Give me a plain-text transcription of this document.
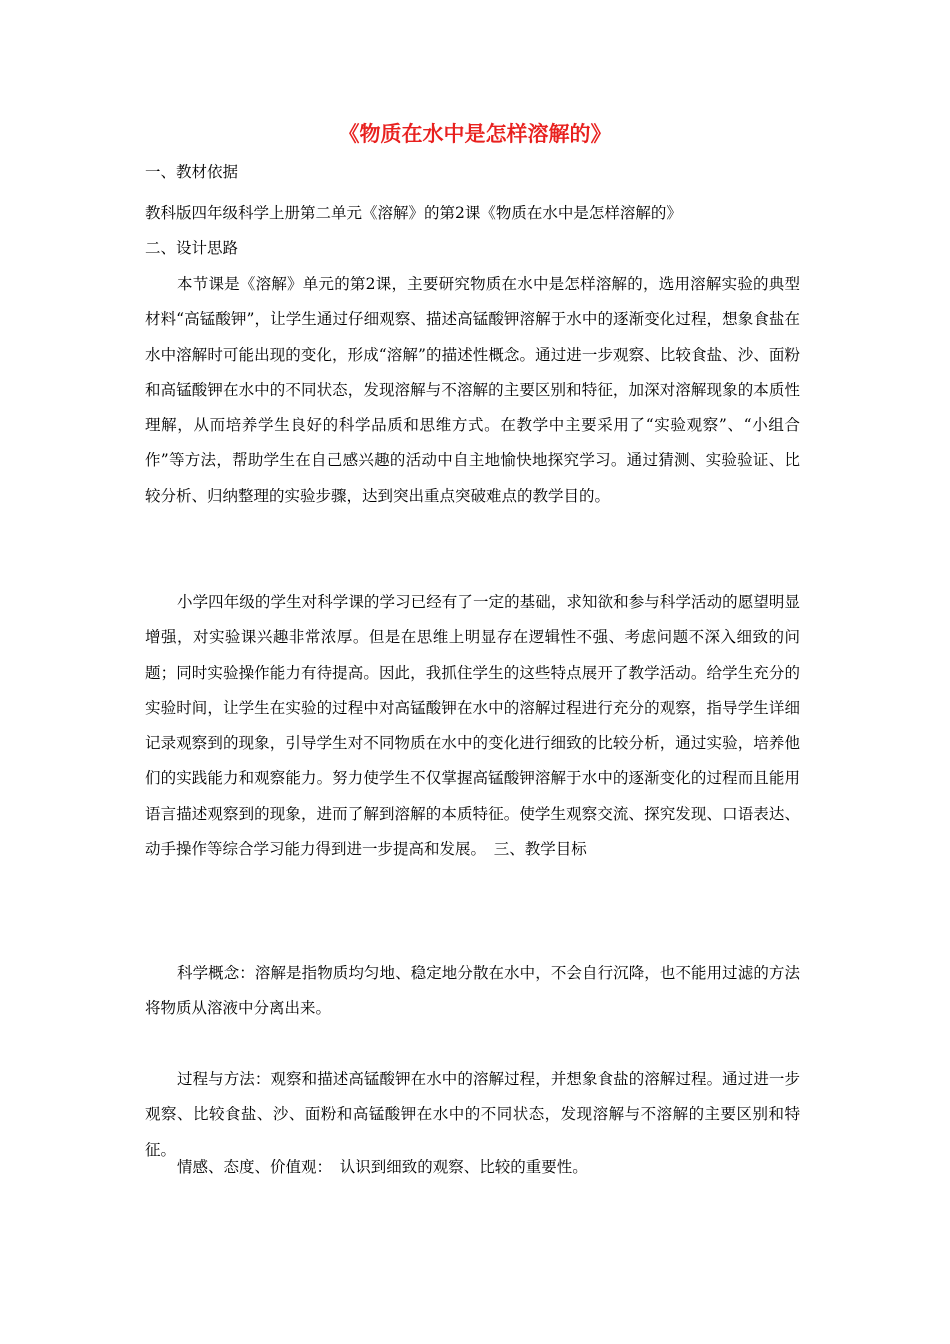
《物质在水中是怎样溶解的》
一、教材依据
教科版四年级科学上册第二单元《溶解》的第2课《物质在水中是怎样溶解的》
二、设计思路
本节课是《溶解》单元的第2课，主要研究物质在水中是怎样溶解的，选用溶解实验的典型材料“高锰酸钾”，让学生通过仔细观察、描述高锰酸钾溶解于水中的逐渐变化过程，想象食盐在水中溶解时可能出现的变化，形成“溶解”的描述性概念。通过进一步观察、比较食盐、沙、面粉和高锰酸钾在水中的不同状态，发现溶解与不溶解的主要区别和特征，加深对溶解现象的本质性理解，从而培养学生良好的科学品质和思维方式。在教学中主要采用了“实验观察”、“小组合作”等方法，帮助学生在自己感兴趣的活动中自主地愉快地探究学习。通过猜测、实验验证、比较分析、归纳整理的实验步骤，达到突出重点突破难点的教学目的。
小学四年级的学生对科学课的学习已经有了一定的基础，求知欲和参与科学活动的愿望明显增强，对实验课兴趣非常浓厚。但是在思维上明显存在逻辑性不强、考虑问题不深入细致的问题；同时实验操作能力有待提高。因此，我抓住学生的这些特点展开了教学活动。给学生充分的实验时间，让学生在实验的过程中对高锰酸钾在水中的溶解过程进行充分的观察，指导学生详细记录观察到的现象，引导学生对不同物质在水中的变化进行细致的比较分析，通过实验，培养他们的实践能力和观察能力。努力使学生不仅掌握高锰酸钾溶解于水中的逐渐变化的过程而且能用语言描述观察到的现象，进而了解到溶解的本质特征。使学生观察交流、探究发现、口语表达、动手操作等综合学习能力得到进一步提高和发展。　三、教学目标
科学概念：溶解是指物质均匀地、稳定地分散在水中，不会自行沉降，也不能用过滤的方法将物质从溶液中分离出来。
过程与方法：观察和描述高锰酸钾在水中的溶解过程，并想象食盐的溶解过程。通过进一步观察、比较食盐、沙、面粉和高锰酸钾在水中的不同状态，发现溶解与不溶解的主要区别和特征。
情感、态度、价值观：　认识到细致的观察、比较的重要性。
